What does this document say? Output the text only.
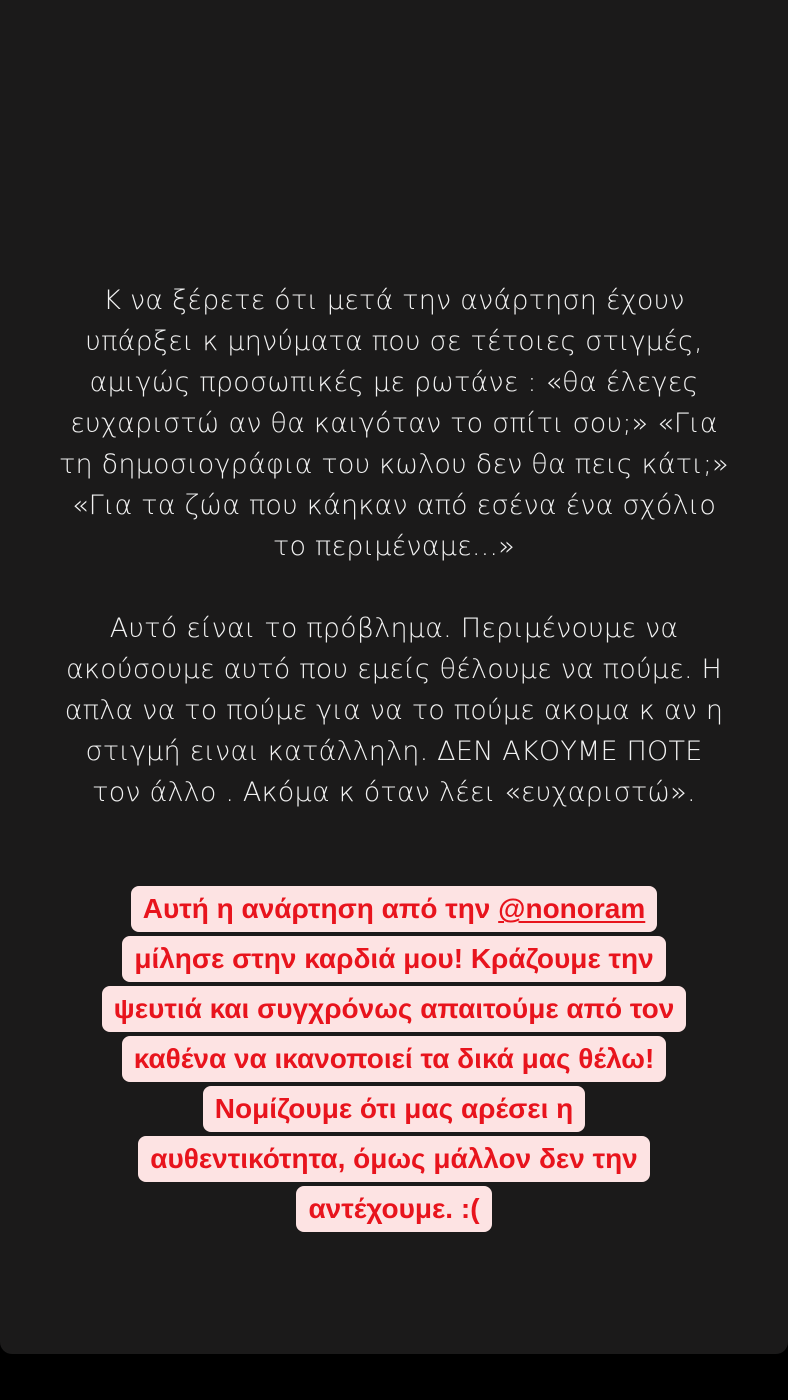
Κ να ξέρετε ότι μετά την ανάρτηση έχουν
υπάρξει κ μηνύματα που σε τέτοιες στιγμές,
αμιγώς προσωπικές με ρωτάνε : «θα έλεγες
ευχαριστώ αν θα καιγόταν το σπίτι σου;» «Για
τη δημοσιογράφια του κωλου δεν θα πεις κάτι;»
«Για τα ζώα που κάηκαν από εσένα ένα σχόλιο
το περιμέναμε...»
Αυτό είναι το πρόβλημα. Περιμένουμε να
ακούσουμε αυτό που εμείς θέλουμε να πούμε. Η
απλα να το πούμε για να το πούμε ακομα κ αν η
στιγμή ειναι κατάλληλη. ΔΕΝ ΑΚΟΥΜΕ ΠΟΤΕ
τον άλλο . Ακόμα κ όταν λέει «ευχαριστώ».
Αυτή η ανάρτηση από την @nonoram
μίλησε στην καρδιά μου! Κράζουμε την
ψευτιά και συγχρόνως απαιτούμε από τον
καθένα να ικανοποιεί τα δικά μας θέλω!
Νομίζουμε ότι μας αρέσει η
αυθεντικότητα, όμως μάλλον δεν την
αντέχουμε. :(
